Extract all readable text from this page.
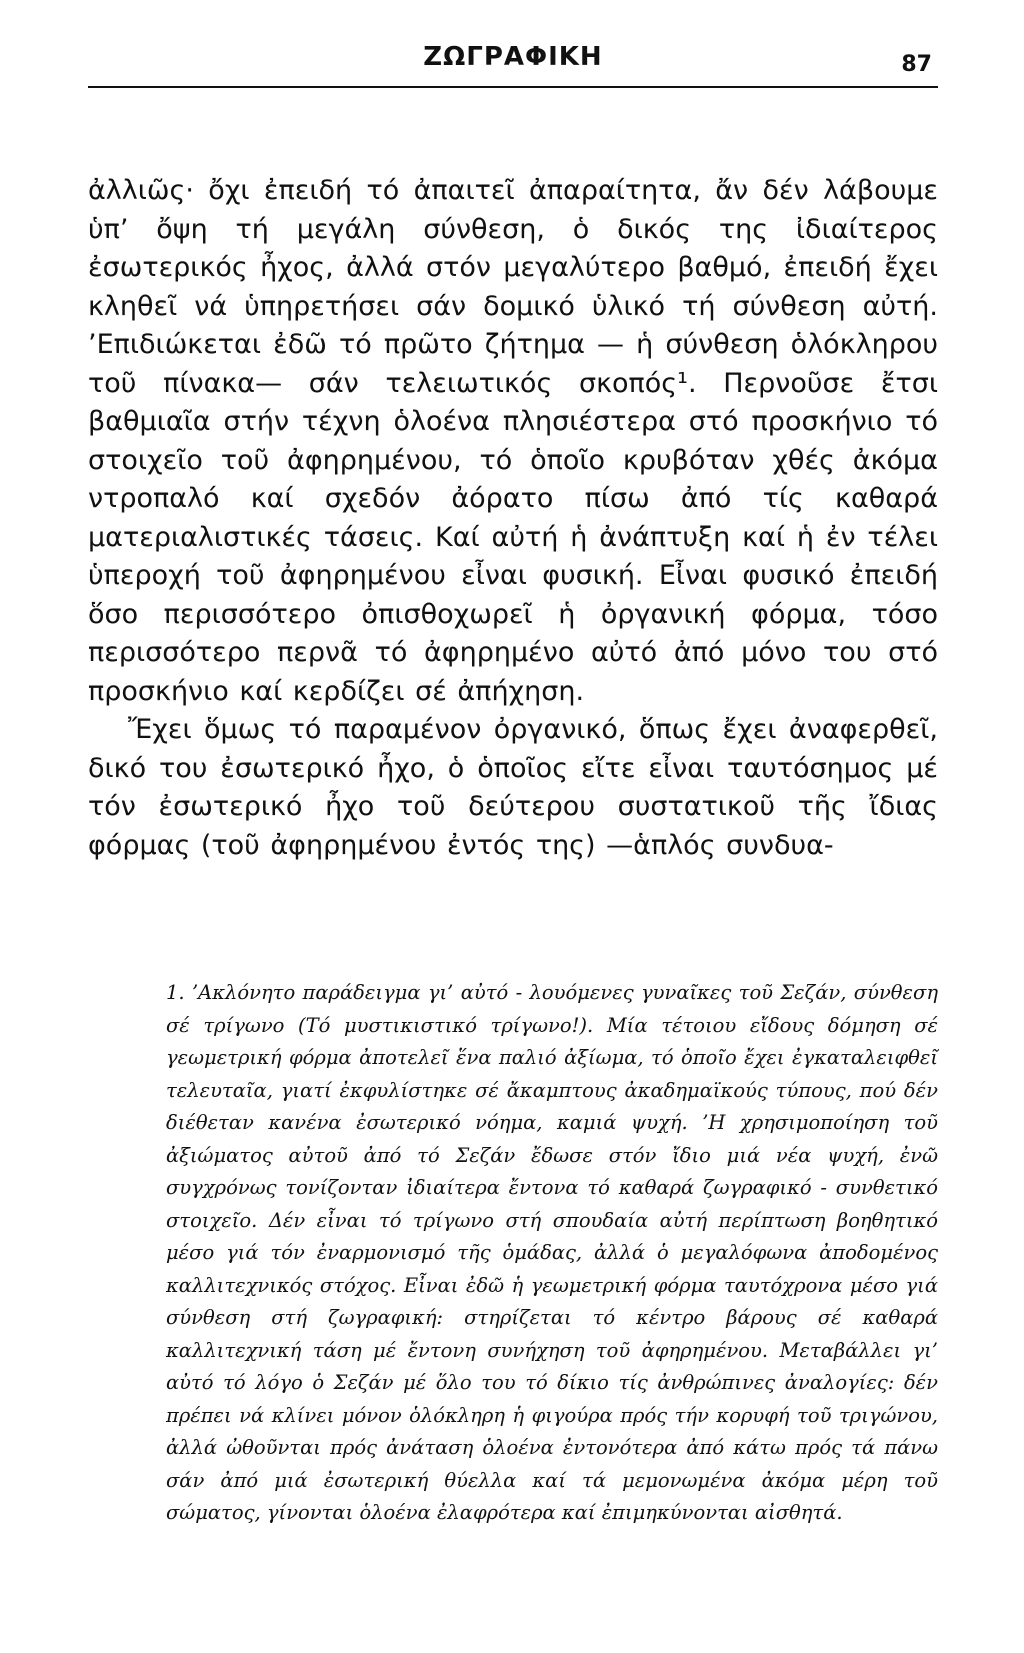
ΖΩΓΡΑΦΙΚΗ	87

ἀλλιῶς· ὄχι ἐπειδή τό ἀπαιτεῖ ἀπαραίτητα, ἄν δέν λάβουμε ὑπ’ ὄψη τή μεγάλη σύνθεση, ὁ δικός της ἰδιαίτερος ἐσωτερικός ἦχος, ἀλλά στόν μεγαλύτερο βαθμό, ἐπειδή ἔχει κληθεῖ νά ὑπηρετήσει σάν δομικό ὑλικό τή σύνθεση αὐτή. ’Επιδιώκεται ἐδῶ τό πρῶτο ζήτημα — ἡ σύνθεση ὁλόκληρου τοῦ πίνακα— σάν τελειωτικός σκοπός¹. Περνοῦσε ἔτσι βαθμιαῖα στήν τέχνη ὁλοένα πλησιέστερα στό προσκήνιο τό στοιχεῖο τοῦ ἀφηρημένου, τό ὁποῖο κρυβόταν χθές ἀκόμα ντροπαλό καί σχεδόν ἀόρατο πίσω ἀπό τίς καθαρά ματεριαλιστικές τάσεις. Καί αὐτή ἡ ἀνάπτυξη καί ἡ ἐν τέλει ὑπεροχή τοῦ ἀφηρημένου εἶναι φυσική. Εἶναι φυσικό ἐπειδή ὅσο περισσότερο ὀπισθοχωρεῖ ἡ ὀργανική φόρμα, τόσο περισσότερο περνᾶ τό ἀφηρημένο αὐτό ἀπό μόνο του στό προσκήνιο καί κερδίζει σέ ἀπήχηση.

Ἔχει ὅμως τό παραμένον ὀργανικό, ὅπως ἔχει ἀναφερθεῖ, δικό του ἐσωτερικό ἦχο, ὁ ὁποῖος εἴτε εἶναι ταυτόσημος μέ τόν ἐσωτερικό ἦχο τοῦ δεύτερου συστατικοῦ τῆς ἴδιας φόρμας (τοῦ ἀφηρημένου ἐντός της) —ἁπλός συνδυα-

1. ’Ακλόνητο παράδειγμα γι’ αὐτό - λουόμενες γυναῖκες τοῦ Σεζάν, σύνθεση σέ τρίγωνο (Τό μυστικιστικό τρίγωνο!). Μία τέτοιου εἴδους δόμηση σέ γεωμετρική φόρμα ἀποτελεῖ ἕνα παλιό ἀξίωμα, τό ὁποῖο ἔχει ἐγκαταλειφθεῖ τελευταῖα, γιατί ἐκφυλίστηκε σέ ἄκαμπτους ἀκαδημαϊκούς τύπους, πού δέν διέθεταν κανένα ἐσωτερικό νόημα, καμιά ψυχή. ’Η χρησιμοποίηση τοῦ ἀξιώματος αὐτοῦ ἀπό τό Σεζάν ἔδωσε στόν ἴδιο μιά νέα ψυχή, ἐνῶ συγχρόνως τονίζονταν ἰδιαίτερα ἔντονα τό καθαρά ζωγραφικό - συνθετικό στοιχεῖο. Δέν εἶναι τό τρίγωνο στή σπουδαία αὐτή περίπτωση βοηθητικό μέσο γιά τόν ἐναρμονισμό τῆς ὁμάδας, ἀλλά ὁ μεγαλόφωνα ἀποδομένος καλλιτεχνικός στόχος. Εἶναι ἐδῶ ἡ γεωμετρική φόρμα ταυτόχρονα μέσο γιά σύνθεση στή ζωγραφική: στηρίζεται τό κέντρο βάρους σέ καθαρά καλλιτεχνική τάση μέ ἔντονη συνήχηση τοῦ ἀφηρημένου. Μεταβάλλει γι’ αὐτό τό λόγο ὁ Σεζάν μέ ὅλο του τό δίκιο τίς ἀνθρώπινες ἀναλογίες: δέν πρέπει νά κλίνει μόνον ὁλόκληρη ἡ φιγούρα πρός τήν κορυφή τοῦ τριγώνου, ἀλλά ὠθοῦνται πρός ἀνάταση ὁλοένα ἐντονότερα ἀπό κάτω πρός τά πάνω σάν ἀπό μιά ἐσωτερική θύελλα καί τά μεμονωμένα ἀκόμα μέρη τοῦ σώματος, γίνονται ὁλοένα ἐλαφρότερα καί ἐπιμηκύνονται αἰσθητά.
